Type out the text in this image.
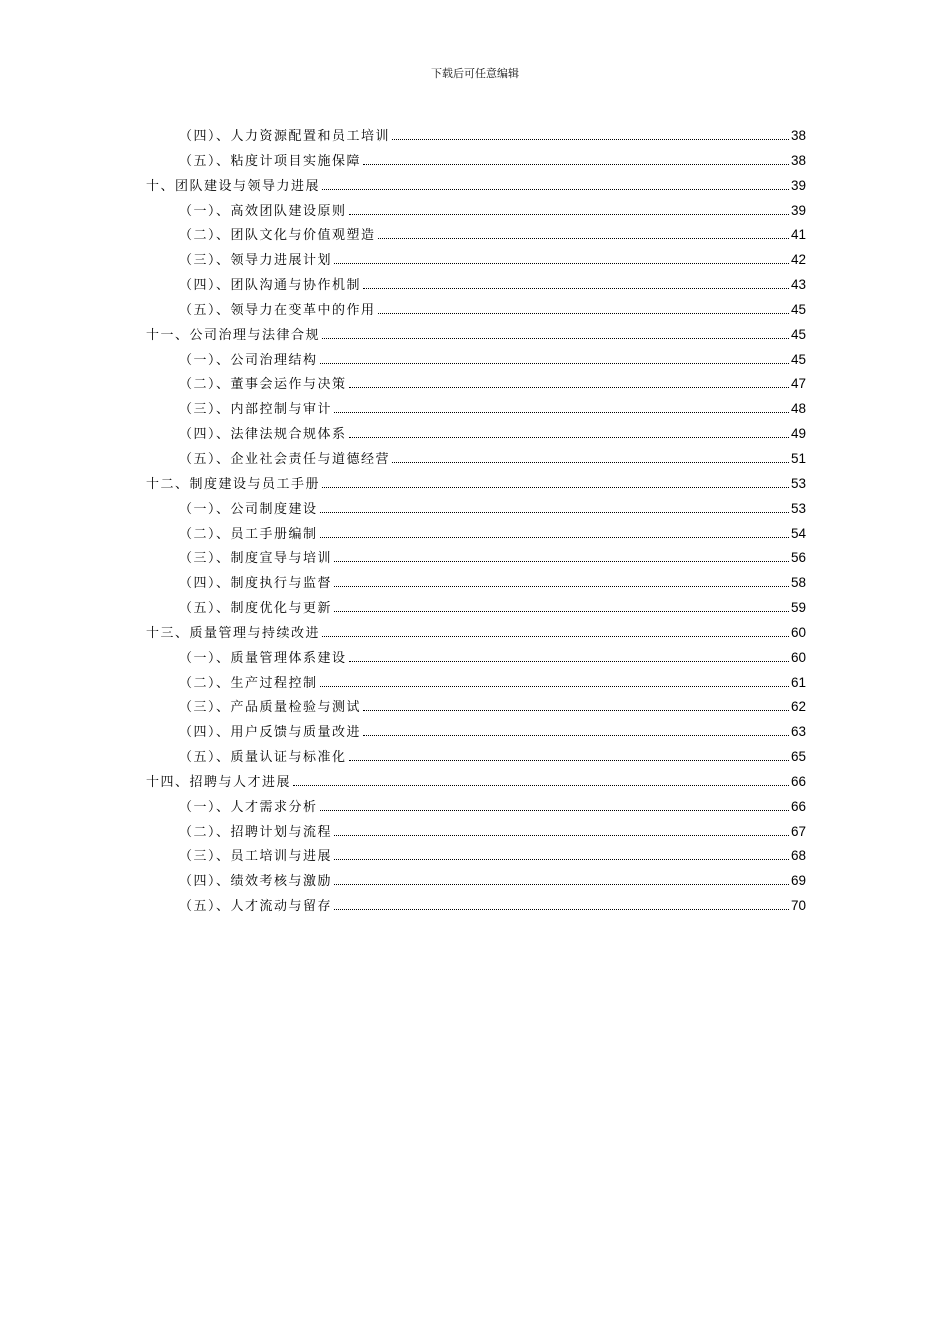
下载后可任意编辑
（四）、人力资源配置和员工培训	38
（五）、粘度计项目实施保障	38
十、团队建设与领导力进展	39
（一）、高效团队建设原则	39
（二）、团队文化与价值观塑造	41
（三）、领导力进展计划	42
（四）、团队沟通与协作机制	43
（五）、领导力在变革中的作用	45
十一、公司治理与法律合规	45
（一）、公司治理结构	45
（二）、董事会运作与决策	47
（三）、内部控制与审计	48
（四）、法律法规合规体系	49
（五）、企业社会责任与道德经营	51
十二、制度建设与员工手册	53
（一）、公司制度建设	53
（二）、员工手册编制	54
（三）、制度宣导与培训	56
（四）、制度执行与监督	58
（五）、制度优化与更新	59
十三、质量管理与持续改进	60
（一）、质量管理体系建设	60
（二）、生产过程控制	61
（三）、产品质量检验与测试	62
（四）、用户反馈与质量改进	63
（五）、质量认证与标准化	65
十四、招聘与人才进展	66
（一）、人才需求分析	66
（二）、招聘计划与流程	67
（三）、员工培训与进展	68
（四）、绩效考核与激励	69
（五）、人才流动与留存	70
